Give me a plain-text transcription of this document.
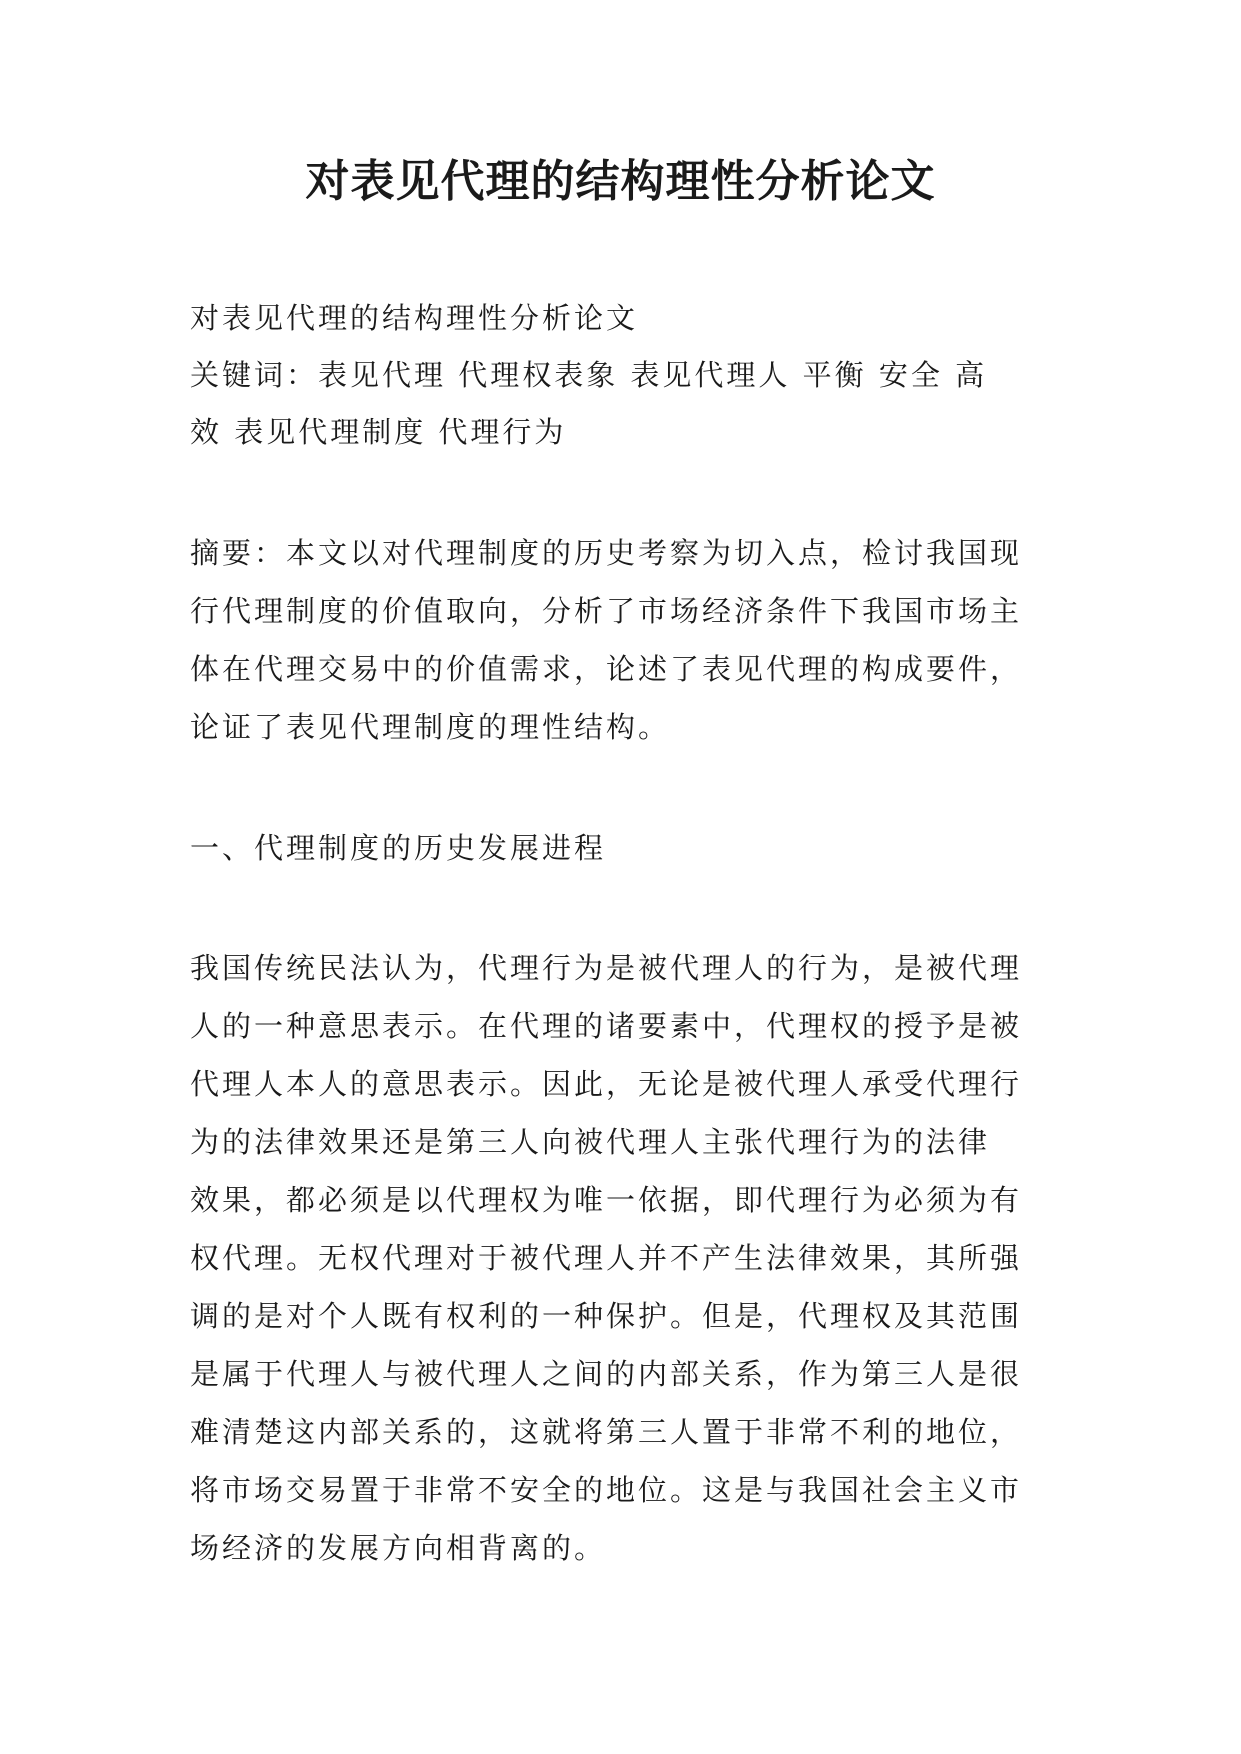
对表见代理的结构理性分析论文
对表见代理的结构理性分析论文
关键词：表见代理 代理权表象 表见代理人 平衡 安全 高
效 表见代理制度 代理行为
摘要：本文以对代理制度的历史考察为切入点，检讨我国现
行代理制度的价值取向，分析了市场经济条件下我国市场主
体在代理交易中的价值需求，论述了表见代理的构成要件，
论证了表见代理制度的理性结构。
一、代理制度的历史发展进程
我国传统民法认为，代理行为是被代理人的行为，是被代理
人的一种意思表示。在代理的诸要素中，代理权的授予是被
代理人本人的意思表示。因此，无论是被代理人承受代理行
为的法律效果还是第三人向被代理人主张代理行为的法律
效果，都必须是以代理权为唯一依据，即代理行为必须为有
权代理。无权代理对于被代理人并不产生法律效果，其所强
调的是对个人既有权利的一种保护。但是，代理权及其范围
是属于代理人与被代理人之间的内部关系，作为第三人是很
难清楚这内部关系的，这就将第三人置于非常不利的地位，
将市场交易置于非常不安全的地位。这是与我国社会主义市
场经济的发展方向相背离的。
